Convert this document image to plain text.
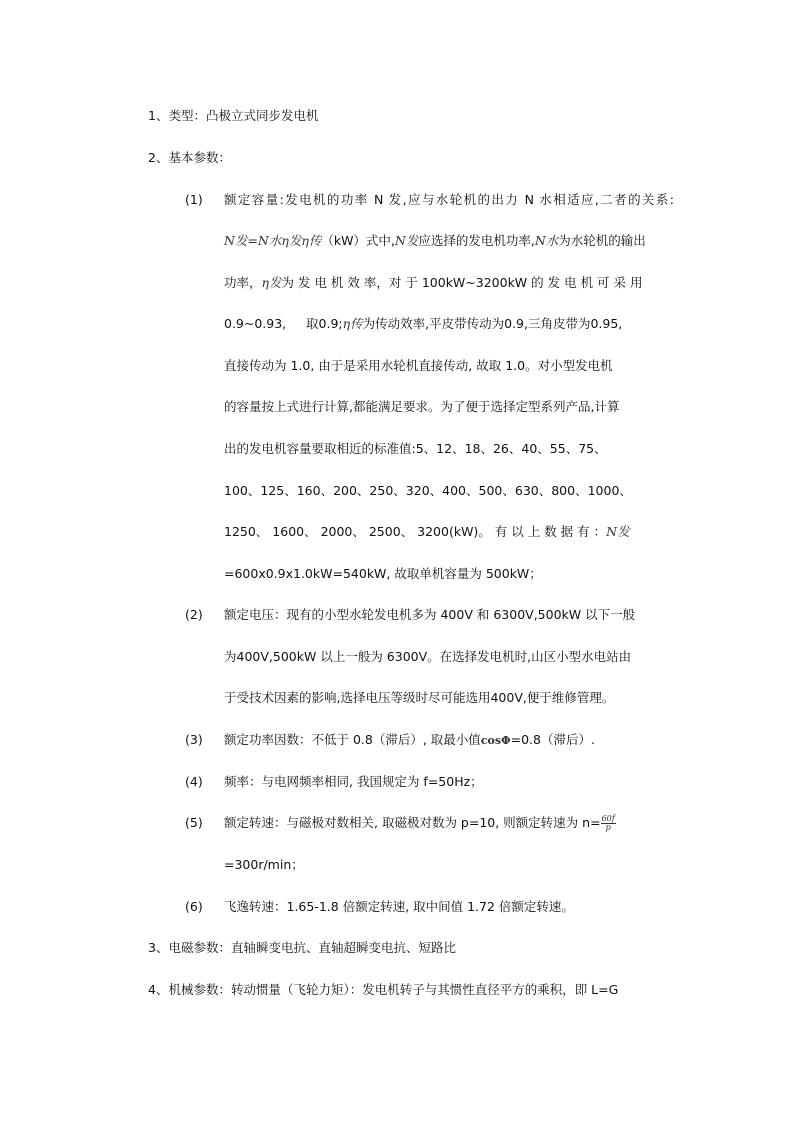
1、类型：凸极立式同步发电机
2、基本参数：
(1) 额定容量:发电机的功率 N 发,应与水轮机的出力 N 水相适应,二者的关系:
N发=N水η发η传（kW）式中,N发应选择的发电机功率,N水为水轮机的输出
功率，η发为 发 电 机 效 率，对 于 100kW~3200kW 的 发 电 机 可 采 用
0.9~0.93,     取0.9;η传为传动效率,平皮带传动为0.9,三角皮带为0.95,
直接传动为 1.0, 由于是采用水轮机直接传动, 故取 1.0。对小型发电机
的容量按上式进行计算,都能满足要求。为了便于选择定型系列产品,计算
出的发电机容量要取相近的标准值:5、12、18、26、40、55、75、
100、125、160、200、250、320、400、500、630、800、1000、
1250、 1600、 2000、 2500、 3200(kW)。 有 以 上 数 据 有 ：N发
=600x0.9x1.0kW=540kW, 故取单机容量为 500kW；
(2) 额定电压：现有的小型水轮发电机多为 400V 和 6300V,500kW 以下一般
为400V,500kW 以上一般为 6300V。在选择发电机时,山区小型水电站由
于受技术因素的影响,选择电压等级时尽可能选用400V,便于维修管理。
(3) 额定功率因数：不低于 0.8（滞后）, 取最小值cosΦ=0.8（滞后）.
(4) 频率：与电网频率相同, 我国规定为 f=50Hz；
(5) 额定转速：与磁极对数相关, 取磁极对数为 p=10, 则额定转速为 $n= \frac{60f}{p}$
=300r/min；
(6) 飞逸转速：1.65-1.8 倍额定转速, 取中间值 1.72 倍额定转速。
3、电磁参数：直轴瞬变电抗、直轴超瞬变电抗、短路比
4、机械参数：转动惯量（飞轮力矩）：发电机转子与其惯性直径平方的乘积，即 L=G
